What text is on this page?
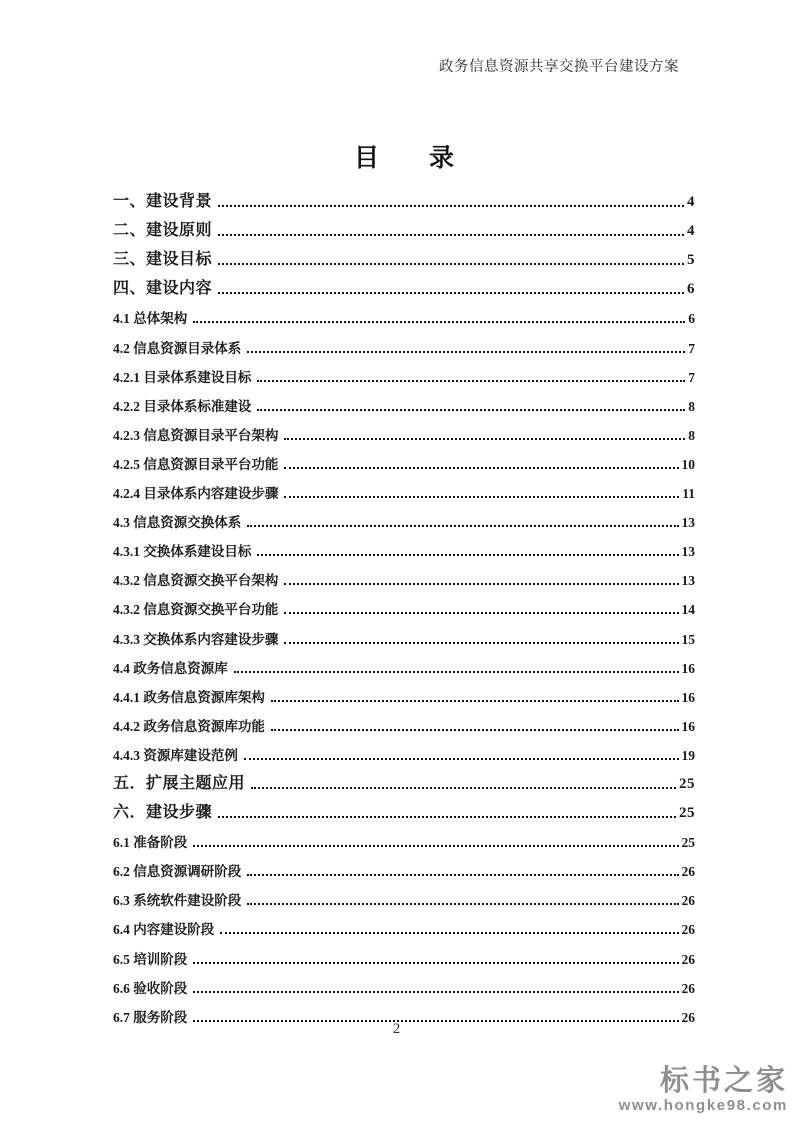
政务信息资源共享交换平台建设方案
目　　录
一、建设背景	4
二、建设原则	4
三、建设目标	5
四、建设内容	6
4.1 总体架构	6
4.2 信息资源目录体系	7
4.2.1 目录体系建设目标	7
4.2.2 目录体系标准建设	8
4.2.3 信息资源目录平台架构	8
4.2.5 信息资源目录平台功能	10
4.2.4 目录体系内容建设步骤	11
4.3 信息资源交换体系	13
4.3.1 交换体系建设目标	13
4.3.2 信息资源交换平台架构	13
4.3.2 信息资源交换平台功能	14
4.3.3 交换体系内容建设步骤	15
4.4 政务信息资源库	16
4.4.1 政务信息资源库架构	16
4.4.2 政务信息资源库功能	16
4.4.3 资源库建设范例	19
五．扩展主题应用	25
六．建设步骤	25
6.1 准备阶段	25
6.2 信息资源调研阶段	26
6.3 系统软件建设阶段	26
6.4 内容建设阶段	26
6.5 培训阶段	26
6.6 验收阶段	26
6.7 服务阶段	26
2
标书之家
www.hongke98.com
